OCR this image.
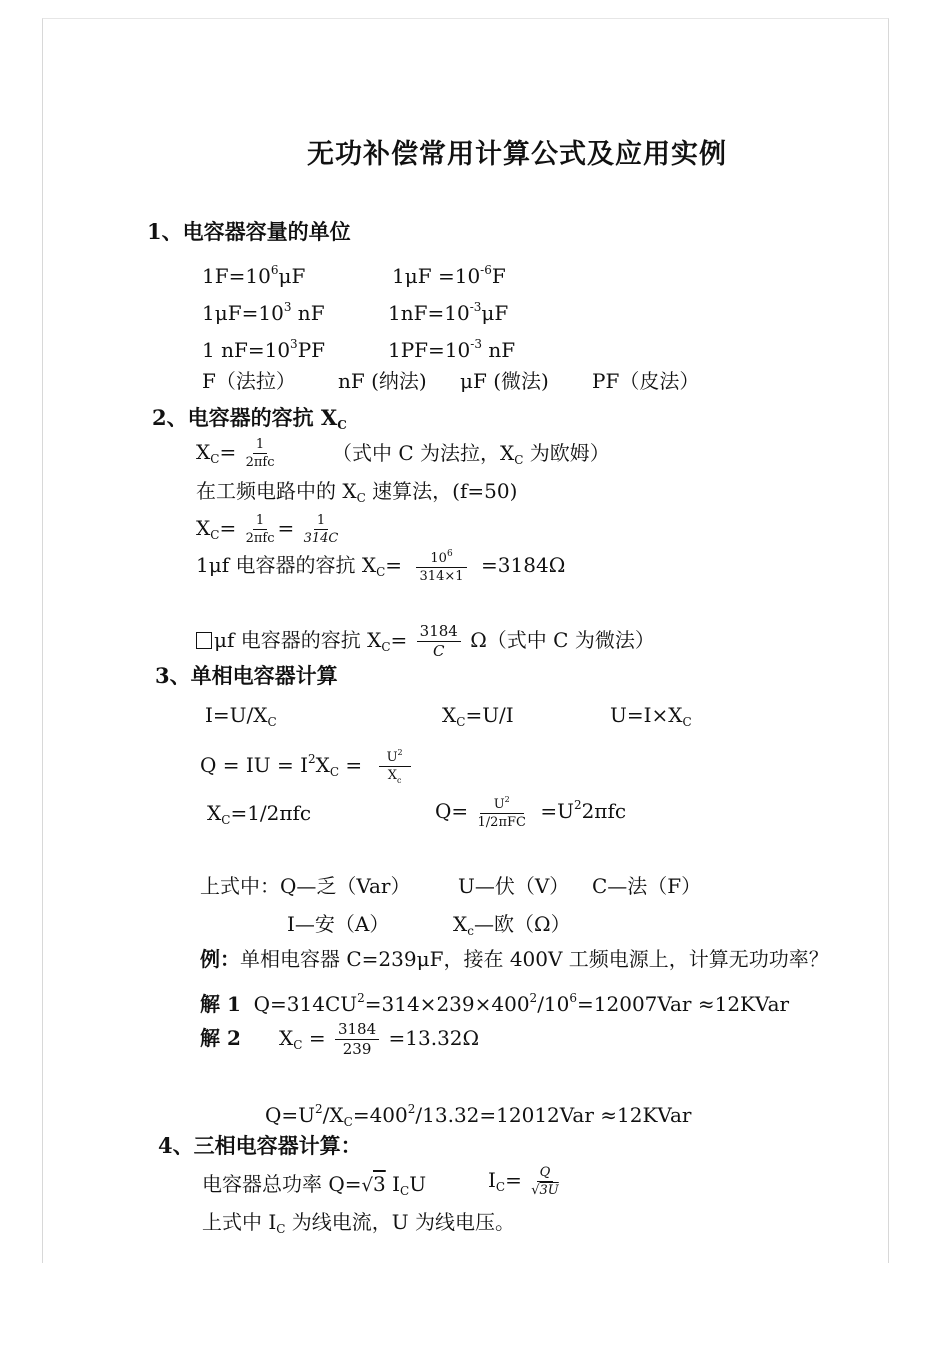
无功补偿常用计算公式及应用实例
1、电容器容量的单位
$1F=10^6\mu F$	$1\mu F =10^{-6}F$
$1\mu F=10^3$ nF	$1nF=10^{-3}\mu F$
1 $nF=10^3PF$	$1PF=10^{-3}$ nF
F（法拉） nF (纳法) μF (微法) PF（皮法）
2、电容器的容抗 $X_C$
$X_C= 1$
2πfc	（式中 C 为法拉，$X_C$ 为欧姆）
在工频电路中的 $X_C$ 速算法，(f=50)
$X_C= 1$
$2\pi fc = \frac{1}{314C}$
1μf 电容器的容抗 $X_C= \frac{10^6}{314\times 1} =3184\Omega$
μf 电容器的容抗 $X_C= \frac{3184}{C} \Omega$（式中 C 为微法）
3、单相电容器计算
$I=U/X_C$	$X_C=U/I$	$U=I\times X_C$
Q = IU = $I^2X_C = \frac{U^2}{X_c}$
$X_C=1/2\pi fc$	Q=	$U^2$
$1/2\pi FC =U^22\pi fc$
上式中：Q—乏（Var） U—伏（V） C—法（F）
I—安（A）	$X_c—$欧（Ω）
例：单相电容器 C=239μF，接在 400V 工频电源上，计算无功功率？
解 1 $Q=314CU^2=314\times 239\times 400^2/10^6=12007Var$ ≈12KVar
解 2 $X_C = \frac{3184}{239} =13.32\Omega$
$Q=U^2/X_C=400^2/13.32=12012Var$ ≈12KVar
4、三相电容器计算：
电容器总功率 Q=√3 $I_CU$	$I_C= \frac{Q}{√3U}$
上式中 $I_C$ 为线电流，U 为线电压。
